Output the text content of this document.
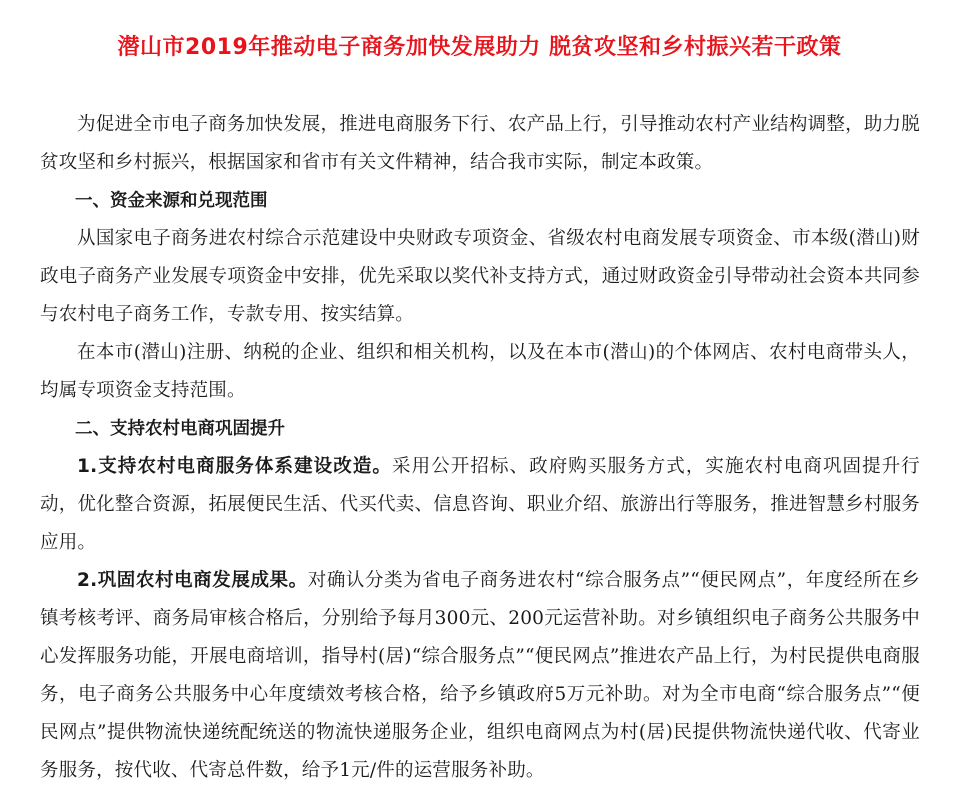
潜山市2019年推动电子商务加快发展助力 脱贫攻坚和乡村振兴若干政策

为促进全市电子商务加快发展，推进电商服务下行、农产品上行，引导推动农村产业结构调整，助力脱贫攻坚和乡村振兴，根据国家和省市有关文件精神，结合我市实际，制定本政策。

一、资金来源和兑现范围

从国家电子商务进农村综合示范建设中央财政专项资金、省级农村电商发展专项资金、市本级(潜山)财政电子商务产业发展专项资金中安排，优先采取以奖代补支持方式，通过财政资金引导带动社会资本共同参与农村电子商务工作，专款专用、按实结算。

在本市(潜山)注册、纳税的企业、组织和相关机构，以及在本市(潜山)的个体网店、农村电商带头人，均属专项资金支持范围。

二、支持农村电商巩固提升

1.支持农村电商服务体系建设改造。采用公开招标、政府购买服务方式，实施农村电商巩固提升行动，优化整合资源，拓展便民生活、代买代卖、信息咨询、职业介绍、旅游出行等服务，推进智慧乡村服务应用。

2.巩固农村电商发展成果。对确认分类为省电子商务进农村“综合服务点”“便民网点”，年度经所在乡镇考核考评、商务局审核合格后，分别给予每月300元、200元运营补助。对乡镇组织电子商务公共服务中心发挥服务功能，开展电商培训，指导村(居)“综合服务点”“便民网点”推进农产品上行，为村民提供电商服务，电子商务公共服务中心年度绩效考核合格，给予乡镇政府5万元补助。对为全市电商“综合服务点”“便民网点”提供物流快递统配统送的物流快递服务企业，组织电商网点为村(居)民提供物流快递代收、代寄业务服务，按代收、代寄总件数，给予1元/件的运营服务补助。
